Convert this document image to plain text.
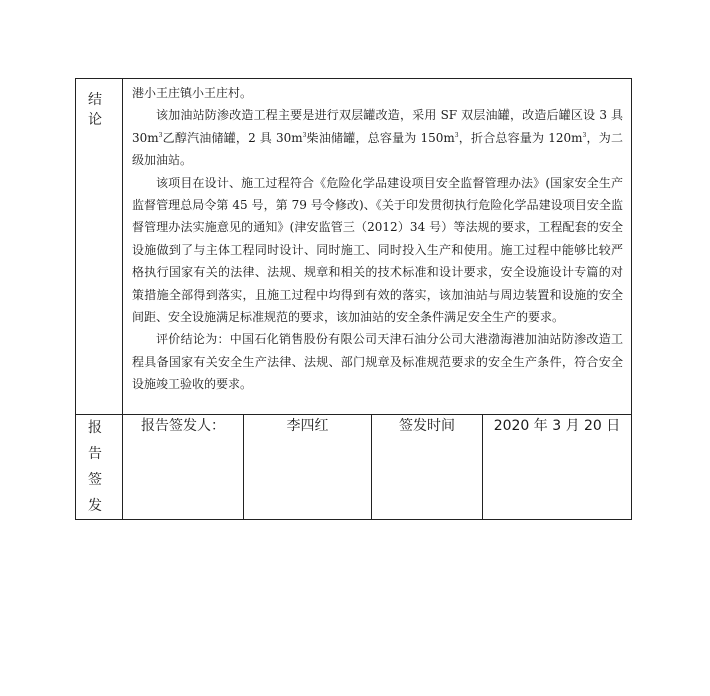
结 论	港小王庄镇小王庄村。

该加油站防渗改造工程主要是进行双层罐改造，采用 SF 双层油罐，改造后罐区设 3 具 $30m^3$乙醇汽油储罐，2 具 $30m^3$柴油储罐，总容量为 $150m^3$，折合总容量为 $120m^3$，为二级加油站。

该项目在设计、施工过程符合《危险化学品建设项目安全监督管理办法》(国家安全生产监督管理总局令第 45 号，第 79 号令修改)、《关于印发贯彻执行危险化学品建设项目安全监督管理办法实施意见的通知》(津安监管三（2012）34 号）等法规的要求，工程配套的安全设施做到了与主体工程同时设计、同时施工、同时投入生产和使用。施工过程中能够比较严格执行国家有关的法律、法规、规章和相关的技术标准和设计要求，安全设施设计专篇的对策措施全部得到落实，且施工过程中均得到有效的落实，该加油站与周边装置和设施的安全间距、安全设施满足标准规范的要求，该加油站的安全条件满足安全生产的要求。

评价结论为：中国石化销售股份有限公司天津石油分公司大港渤海港加油站防渗改造工程具备国家有关安全生产法律、法规、部门规章及标准规范要求的安全生产条件，符合安全设施竣工验收的要求。			

报 告
签 发	报告签发人：	李四红	签发时间	2020 年 3 月 20 日
